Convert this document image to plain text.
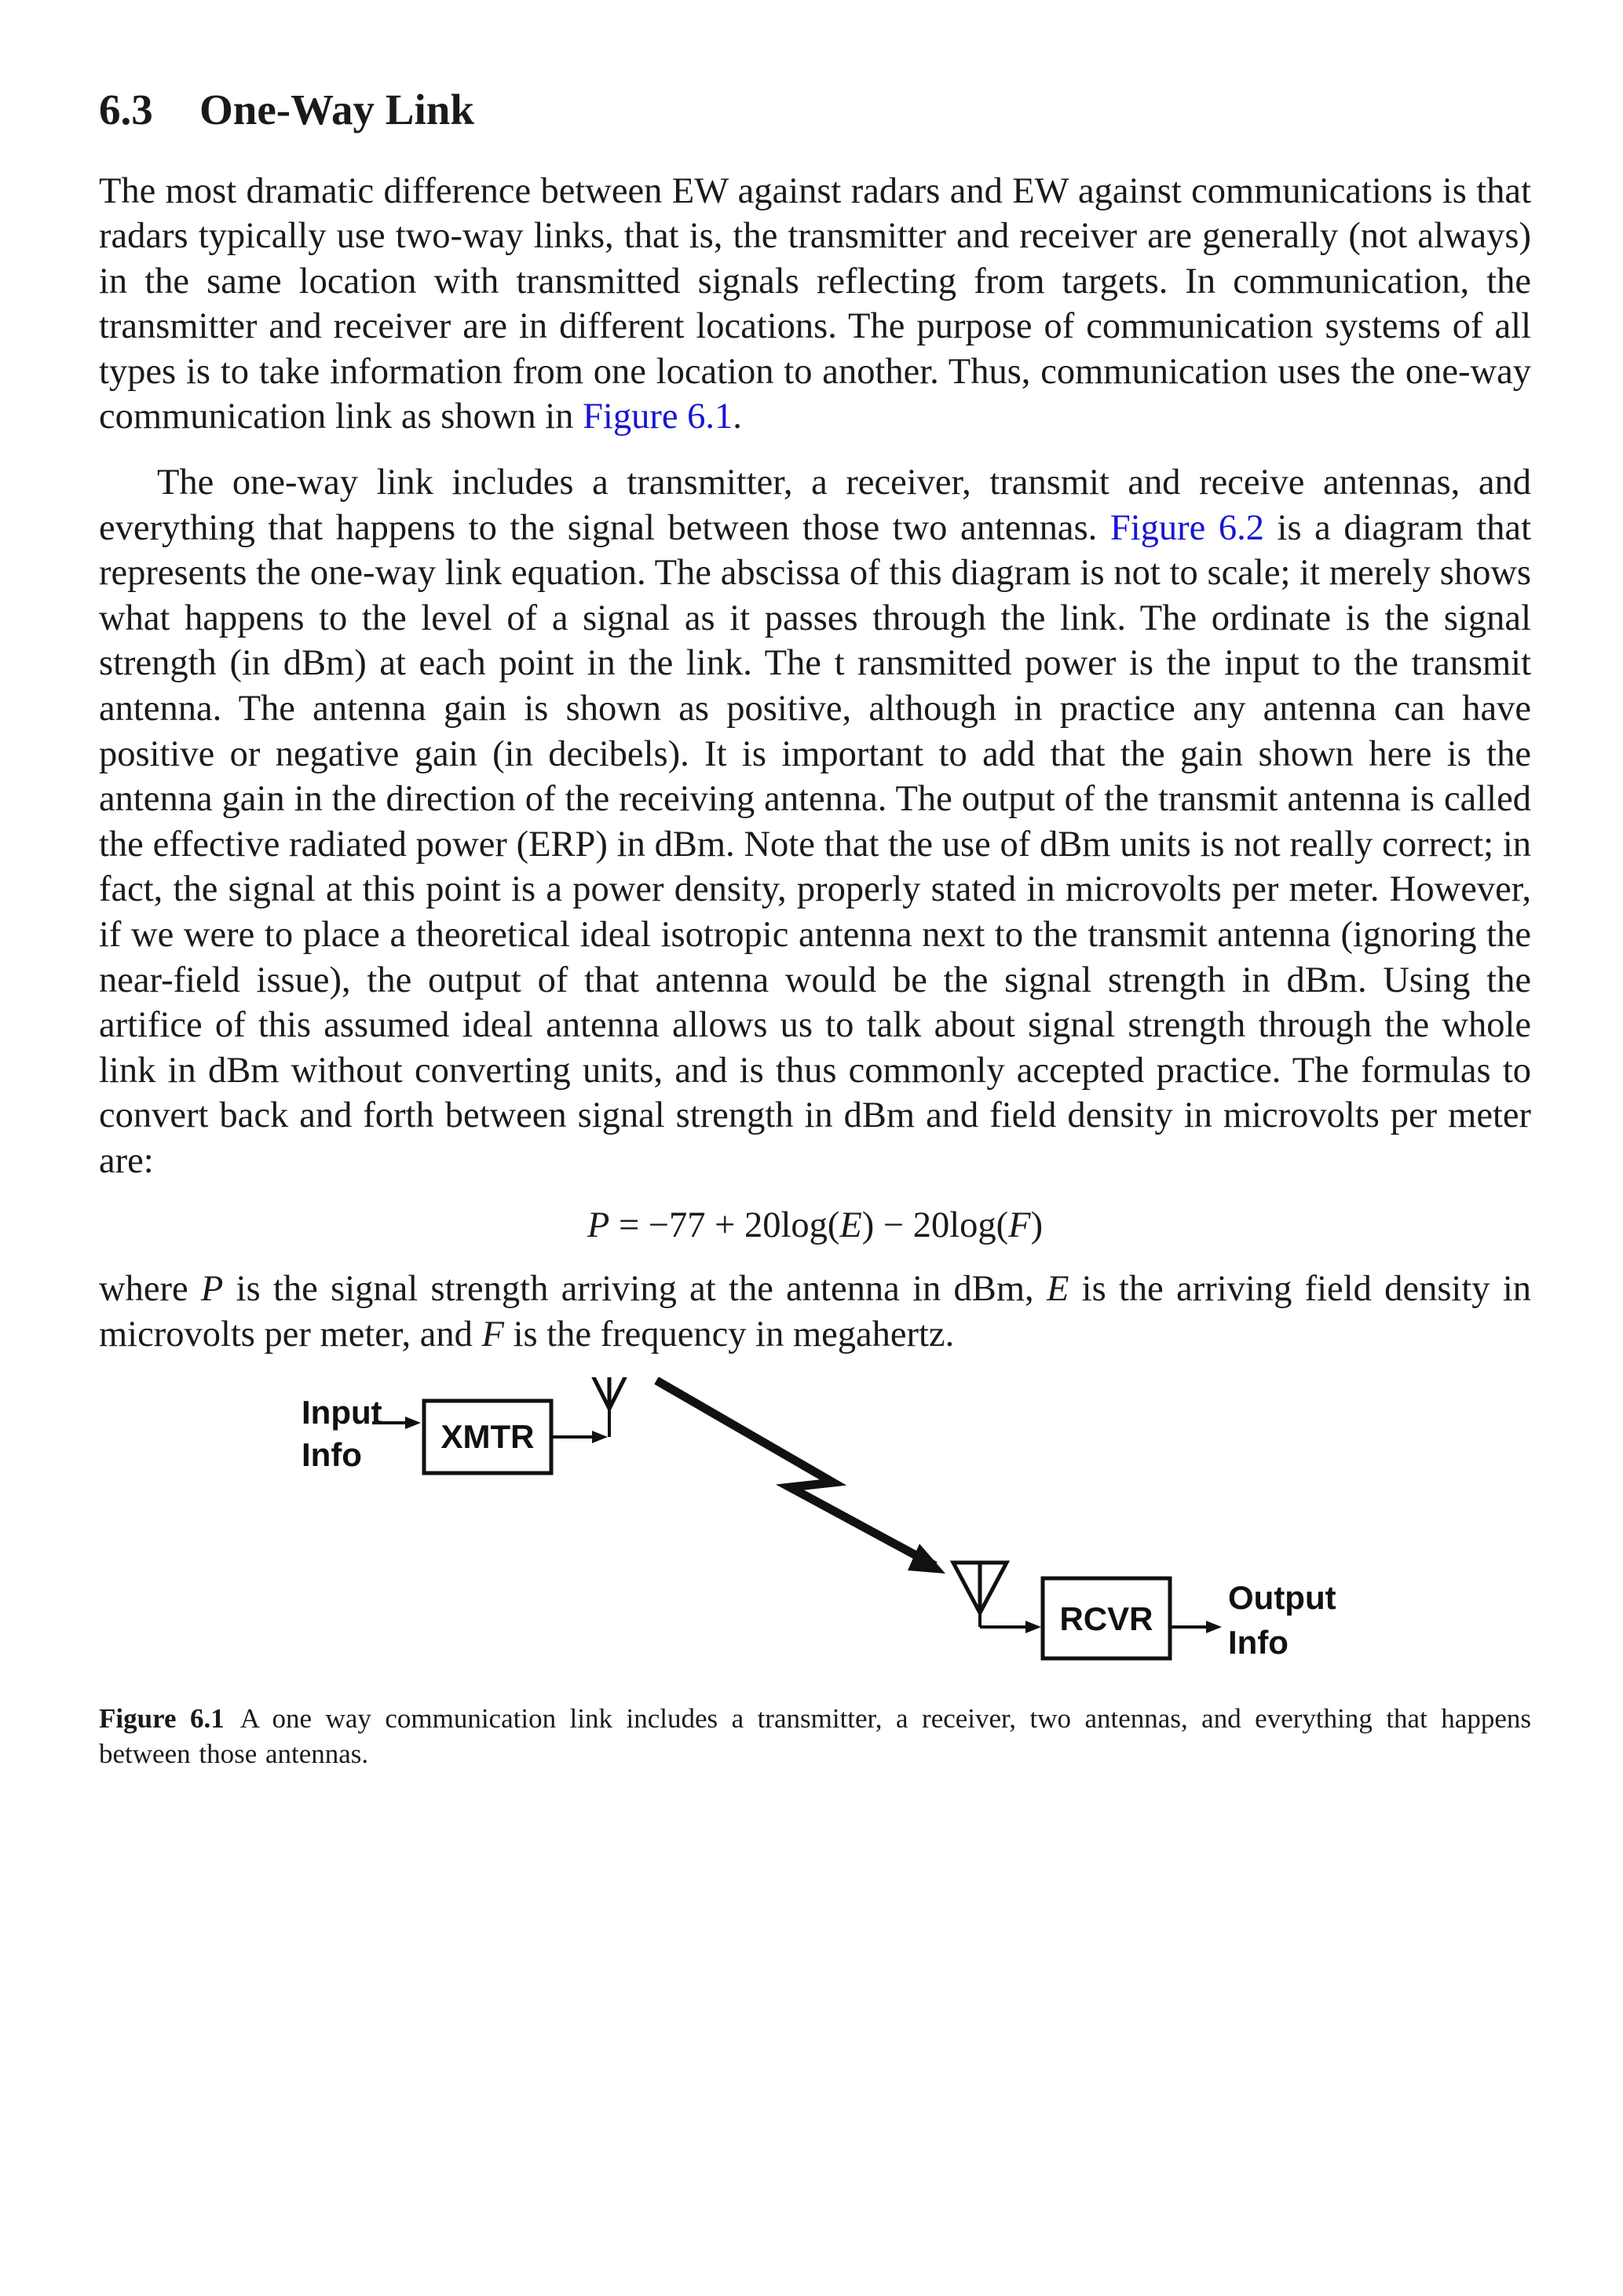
6.3 One-Way Link

The most dramatic difference between EW against radars and EW against communications is that radars typically use two-way links, that is, the transmitter and receiver are generally (not always) in the same location with transmitted signals reflecting from targets. In communication, the transmitter and receiver are in different locations. The purpose of communication systems of all types is to take information from one location to another. Thus, communication uses the one-way communication link as shown in Figure 6.1.

The one-way link includes a transmitter, a receiver, transmit and receive antennas, and everything that happens to the signal between those two antennas. Figure 6.2 is a diagram that represents the one-way link equation. The abscissa of this diagram is not to scale; it merely shows what happens to the level of a signal as it passes through the link. The ordinate is the signal strength (in dBm) at each point in the link. The t ransmitted power is the input to the transmit antenna. The antenna gain is shown as positive, although in practice any antenna can have positive or negative gain (in decibels). It is important to add that the gain shown here is the antenna gain in the direction of the receiving antenna. The output of the transmit antenna is called the effective radiated power (ERP) in dBm. Note that the use of dBm units is not really correct; in fact, the signal at this point is a power density, properly stated in microvolts per meter. However, if we were to place a theoretical ideal isotropic antenna next to the transmit antenna (ignoring the near-field issue), the output of that antenna would be the signal strength in dBm. Using the artifice of this assumed ideal antenna allows us to talk about signal strength through the whole link in dBm without converting units, and is thus commonly accepted practice. The formulas to convert back and forth between signal strength in dBm and field density in microvolts per meter are:

P = −77 + 20log(E) − 20log(F)

where P is the signal strength arriving at the antenna in dBm, E is the arriving field density in microvolts per meter, and F is the frequency in megahertz.

Input
Info XMTR
RCVR
Output
Info
Figure 6.1 A one way communication link includes a transmitter, a receiver, two antennas, and everything that happens between those antennas.
